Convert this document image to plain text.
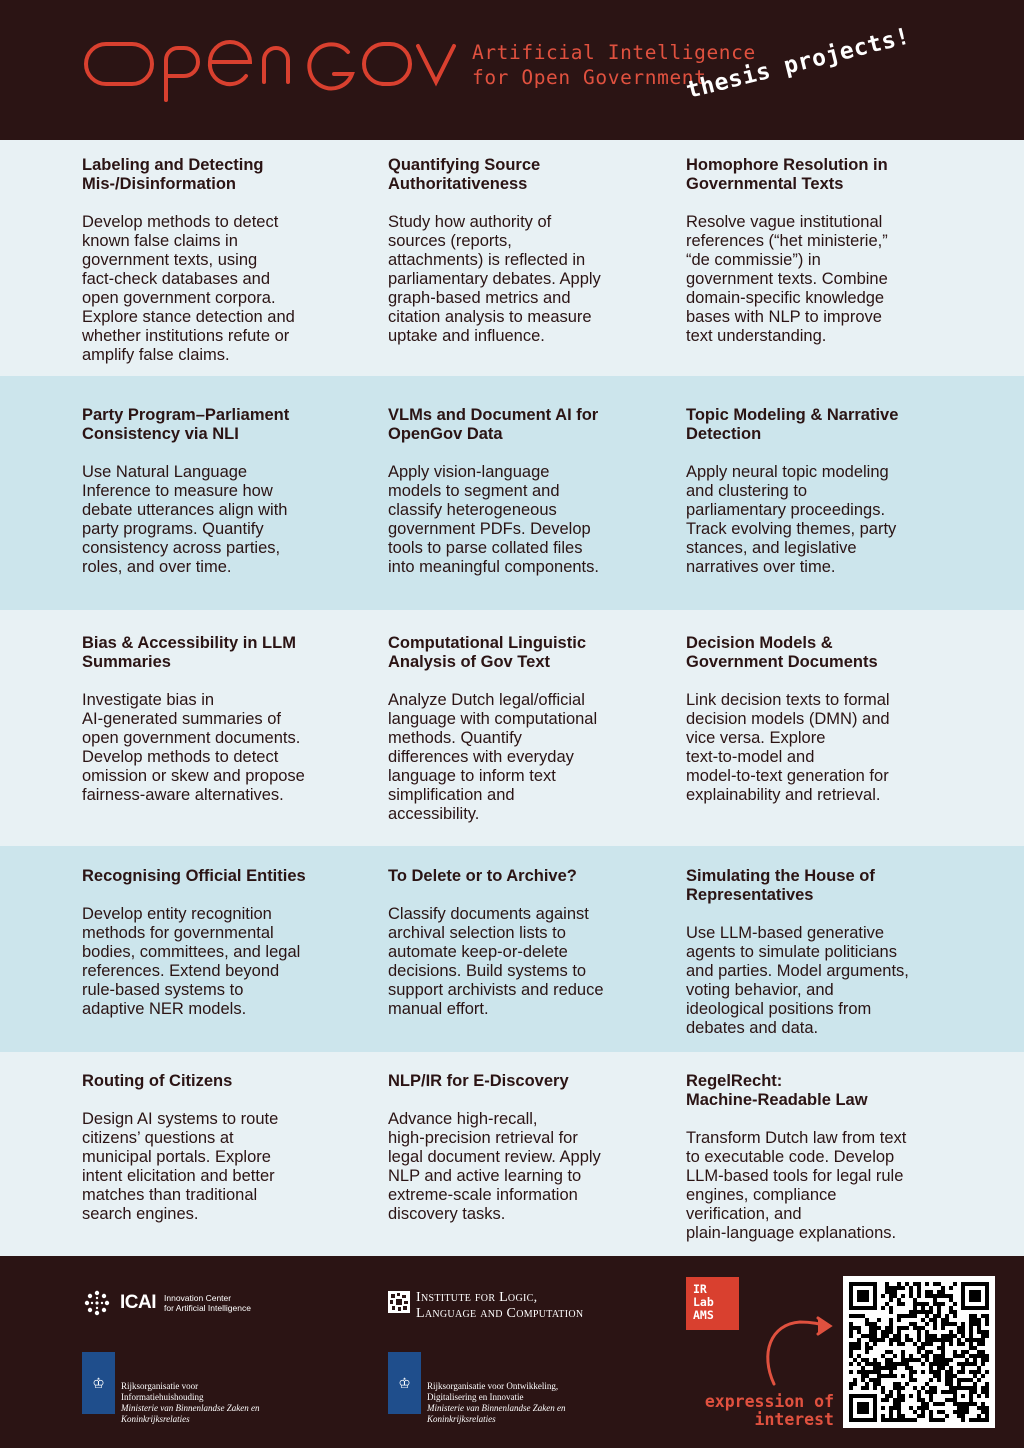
Artificial Intelligence
for Open Government
thesis projects!
Labeling and Detecting
Mis-/Disinformation
Develop methods to detect
known false claims in
government texts, using
fact-check databases and
open government corpora.
Explore stance detection and
whether institutions refute or
amplify false claims.
Quantifying Source
Authoritativeness
Study how authority of
sources (reports,
attachments) is reflected in
parliamentary debates. Apply
graph-based metrics and
citation analysis to measure
uptake and influence.
Homophore Resolution in
Governmental Texts
Resolve vague institutional
references (“het ministerie,”
“de commissie”) in
government texts. Combine
domain-specific knowledge
bases with NLP to improve
text understanding.
Party Program–Parliament
Consistency via NLI
Use Natural Language
Inference to measure how
debate utterances align with
party programs. Quantify
consistency across parties,
roles, and over time.
VLMs and Document AI for
OpenGov Data
Apply vision-language
models to segment and
classify heterogeneous
government PDFs. Develop
tools to parse collated files
into meaningful components.
Topic Modeling & Narrative
Detection
Apply neural topic modeling
and clustering to
parliamentary proceedings.
Track evolving themes, party
stances, and legislative
narratives over time.
Bias & Accessibility in LLM
Summaries
Investigate bias in
AI-generated summaries of
open government documents.
Develop methods to detect
omission or skew and propose
fairness-aware alternatives.
Computational Linguistic
Analysis of Gov Text
Analyze Dutch legal/official
language with computational
methods. Quantify
differences with everyday
language to inform text
simplification and
accessibility.
Decision Models &
Government Documents
Link decision texts to formal
decision models (DMN) and
vice versa. Explore
text-to-model and
model-to-text generation for
explainability and retrieval.
Recognising Official Entities
Develop entity recognition
methods for governmental
bodies, committees, and legal
references. Extend beyond
rule-based systems to
adaptive NER models.
To Delete or to Archive?
Classify documents against
archival selection lists to
automate keep-or-delete
decisions. Build systems to
support archivists and reduce
manual effort.
Simulating the House of
Representatives
Use LLM-based generative
agents to simulate politicians
and parties. Model arguments,
voting behavior, and
ideological positions from
debates and data.
Routing of Citizens
Design AI systems to route
citizens’ questions at
municipal portals. Explore
intent elicitation and better
matches than traditional
search engines.
NLP/IR for E-Discovery
Advance high-recall,
high-precision retrieval for
legal document review. Apply
NLP and active learning to
extreme-scale information
discovery tasks.
RegelRecht:
Machine-Readable Law
Transform Dutch law from text
to executable code. Develop
LLM-based tools for legal rule
engines, compliance
verification, and
plain-language explanations.
ICAI Innovation Center
for Artificial Intelligence
Institute for Logic,
Language and Computation
IR
Lab
AMS
♔ Rijksorganisatie voor
Informatiehuishouding
Ministerie van Binnenlandse Zaken en
Koninkrijksrelaties
♔ Rijksorganisatie voor Ontwikkeling,
Digitalisering en Innovatie
Ministerie van Binnenlandse Zaken en
Koninkrijksrelaties
expression of
interest
